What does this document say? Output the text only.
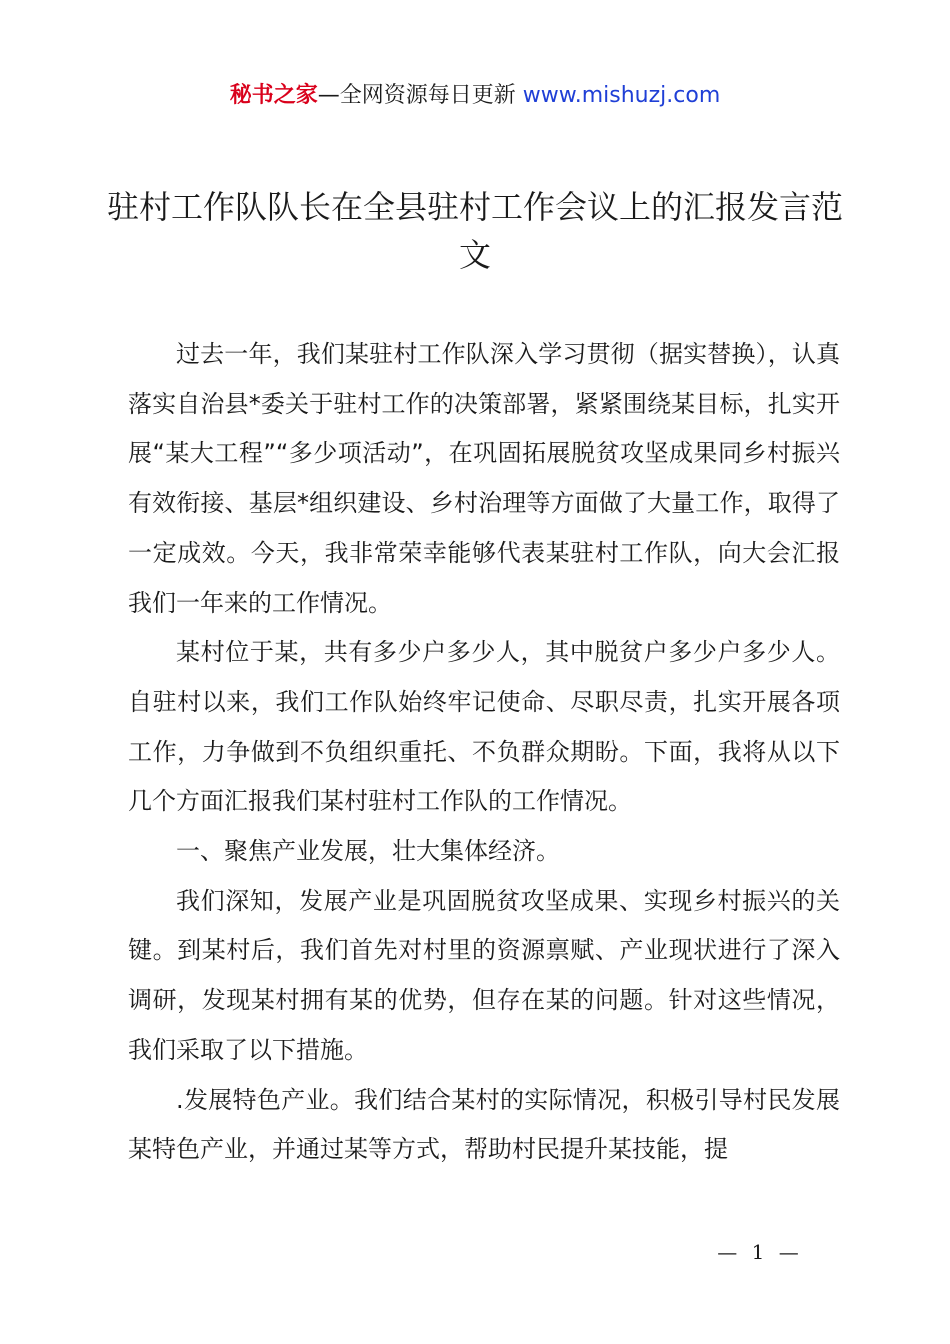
秘书之家—全网资源每日更新 www.mishuzj.com
驻村工作队队长在全县驻村工作会议上的汇报发言范文

过去一年，我们某驻村工作队深入学习贯彻（据实替换），认真落实自治县*委关于驻村工作的决策部署，紧紧围绕某目标，扎实开展“某大工程”“多少项活动”，在巩固拓展脱贫攻坚成果同乡村振兴有效衔接、基层*组织建设、乡村治理等方面做了大量工作，取得了一定成效。今天，我非常荣幸能够代表某驻村工作队，向大会汇报我们一年来的工作情况。

某村位于某，共有多少户多少人，其中脱贫户多少户多少人。自驻村以来，我们工作队始终牢记使命、尽职尽责，扎实开展各项工作，力争做到不负组织重托、不负群众期盼。下面，我将从以下几个方面汇报我们某村驻村工作队的工作情况。

一、聚焦产业发展，壮大集体经济。

我们深知，发展产业是巩固脱贫攻坚成果、实现乡村振兴的关键。到某村后，我们首先对村里的资源禀赋、产业现状进行了深入调研，发现某村拥有某的优势，但存在某的问题。针对这些情况，我们采取了以下措施。

.发展特色产业。我们结合某村的实际情况，积极引导村民发展某特色产业，并通过某等方式，帮助村民提升某技能，提

— 1 —
